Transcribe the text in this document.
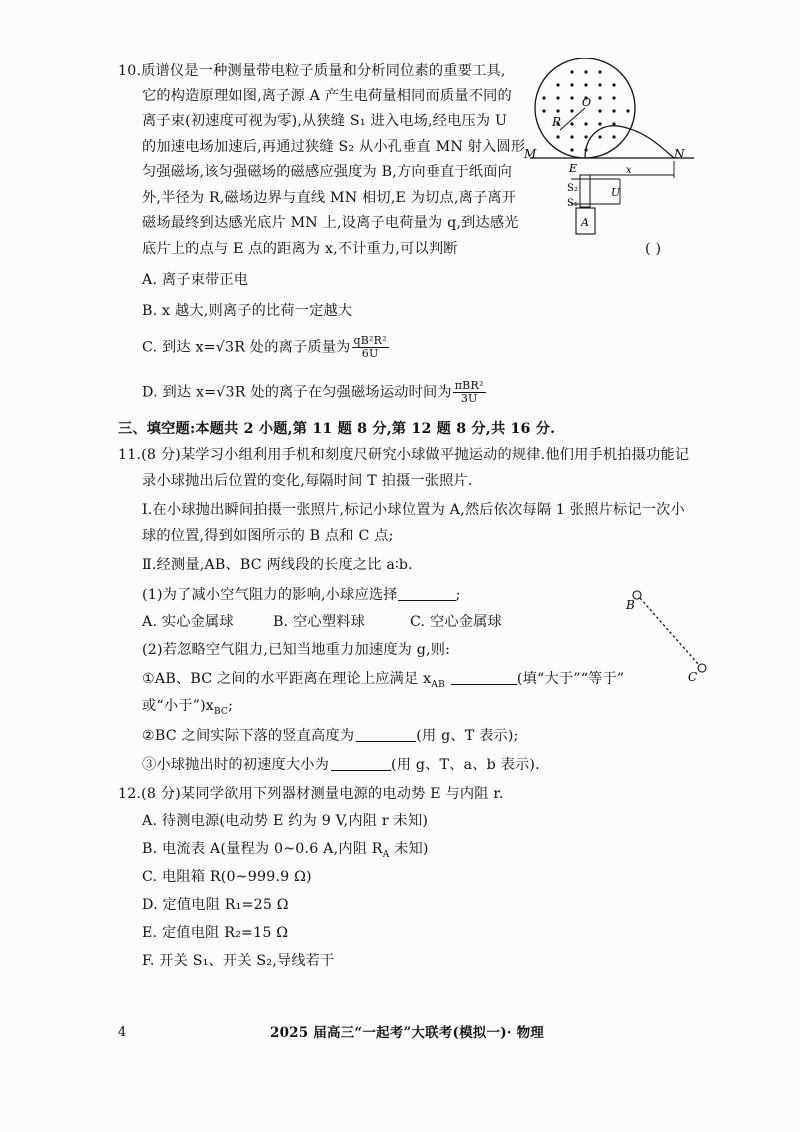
10.质谱仪是一种测量带电粒子质量和分析同位素的重要工具,
它的构造原理如图,离子源 A 产生电荷量相同而质量不同的
离子束(初速度可视为零),从狭缝 S₁ 进入电场,经电压为 U
的加速电场加速后,再通过狭缝 S₂ 从小孔垂直 MN 射入圆形
匀强磁场,该匀强磁场的磁感应强度为 B,方向垂直于纸面向
外,半径为 R,磁场边界与直线 MN 相切,E 为切点,离子离开
磁场最终到达感光底片 MN 上,设离子电荷量为 q,到达感光
底片上的点与 E 点的距离为 x,不计重力,可以判断	( )
A. 离子束带正电
B. x 越大,则离子的比荷一定越大
C. 到达 x=√3R 处的离子质量为 $\frac{\text{qB²R²}}{6U}$
D. 到达 x=√3R 处的离子在匀强磁场运动时间为 $\frac{\text{πBR²}}{3U}$
R
O
M	N
E	x
S₂
S₁
U
A
三、填空题:本题共 2 小题,第 11 题 8 分,第 12 题 8 分,共 16 分.
11.(8 分)某学习小组利用手机和刻度尺研究小球做平抛运动的规律.他们用手机拍摄功能记
录小球抛出后位置的变化,每隔时间 T 拍摄一张照片.
Ⅰ.在小球抛出瞬间拍摄一张照片,标记小球位置为 A,然后依次每隔 1 张照片标记一次小
球的位置,得到如图所示的 B 点和 C 点;
Ⅱ.经测量,AB、BC 两线段的长度之比 a∶b.
(1)为了减小空气阻力的影响,小球应选择	;
A. 实心金属球	B. 空心塑料球	C. 空心金属球
(2)若忽略空气阻力,已知当地重力加速度为 g,则:
①AB、BC 之间的水平距离在理论上应满足 $x_{AB}$	(填“大于”“等于”
或“小于$”)x_{BC}$;
②BC 之间实际下落的竖直高度为	(用 g、T 表示);
③小球抛出时的初速度大小为	(用 g、T、a、b 表示).
B
C
12.(8 分)某同学欲用下列器材测量电源的电动势 E 与内阻 r.
A. 待测电源(电动势 E 约为 9 V,内阻 r 未知)
B. 电流表 A(量程为 0~0.6 A,内阻 $R_A$ 未知)
C. 电阻箱 R(0~999.9 Ω)
D. 定值电阻 R₁=25 Ω
E. 定值电阻 R₂=15 Ω
F. 开关 S₁、开关 S₂,导线若干
4	2025 届高三“一起考”大联考(模拟一)· 物理
